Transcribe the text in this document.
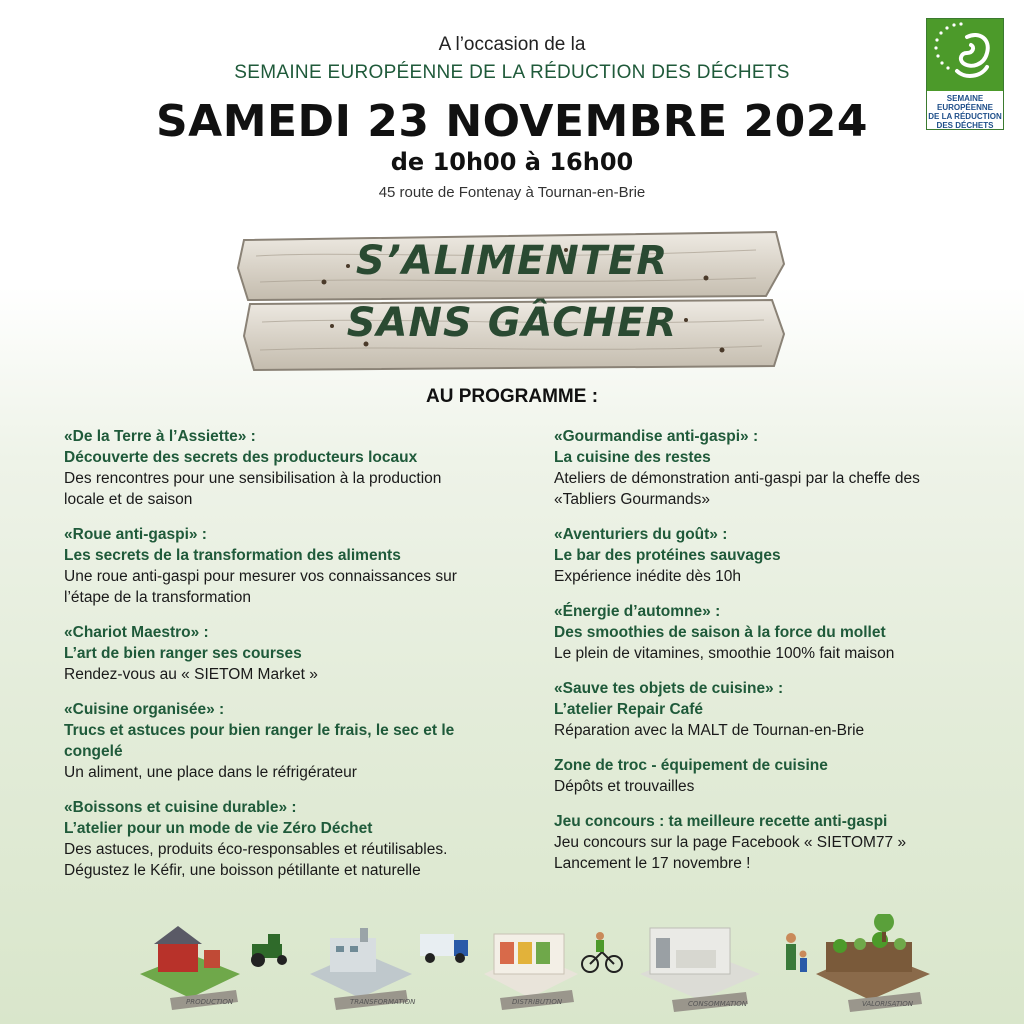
A l’occasion de la
SEMAINE EUROPÉENNE DE LA RÉDUCTION DES DÉCHETS
SAMEDI 23 NOVEMBRE 2024
de 10h00 à 16h00
45 route de Fontenay à Tournan-en-Brie
SEMAINE EUROPÉENNE
DE LA RÉDUCTION
DES DÉCHETS
S’ALIMENTER
SANS GÂCHER
AU PROGRAMME :
«De la Terre à l’Assiette» :
Découverte des secrets des producteurs locaux
Des rencontres pour une sensibilisation à la production locale et de saison
«Roue anti-gaspi» :
Les secrets de la transformation des aliments
Une roue anti-gaspi pour mesurer vos connaissances sur l’étape de la transformation
«Chariot Maestro» :
L’art de bien ranger ses courses
Rendez-vous au « SIETOM Market »
«Cuisine organisée» :
Trucs et astuces pour bien ranger le frais, le sec et le congelé
Un aliment, une place dans le réfrigérateur
«Boissons et cuisine durable» :
L’atelier pour un mode de vie Zéro Déchet
Des astuces, produits éco-responsables et réutilisables. Dégustez le Kéfir, une boisson pétillante et naturelle
«Gourmandise anti-gaspi» :
La cuisine des restes
Ateliers de démonstration anti-gaspi par la cheffe des «Tabliers Gourmands»
«Aventuriers du goût» :
Le bar des protéines sauvages
Expérience inédite dès 10h
«Énergie d’automne» :
Des smoothies de saison à la force du mollet
Le plein de vitamines, smoothie 100% fait maison
«Sauve tes objets de cuisine» :
L’atelier Repair Café
Réparation avec la MALT de Tournan-en-Brie
Zone de troc - équipement de cuisine
Dépôts et trouvailles
Jeu concours : ta meilleure recette anti-gaspi
Jeu concours sur la page Facebook « SIETOM77 » Lancement le 17 novembre !
PRODUCTION	TRANSFORMATION	DISTRIBUTION	CONSOMMATION	VALORISATION
